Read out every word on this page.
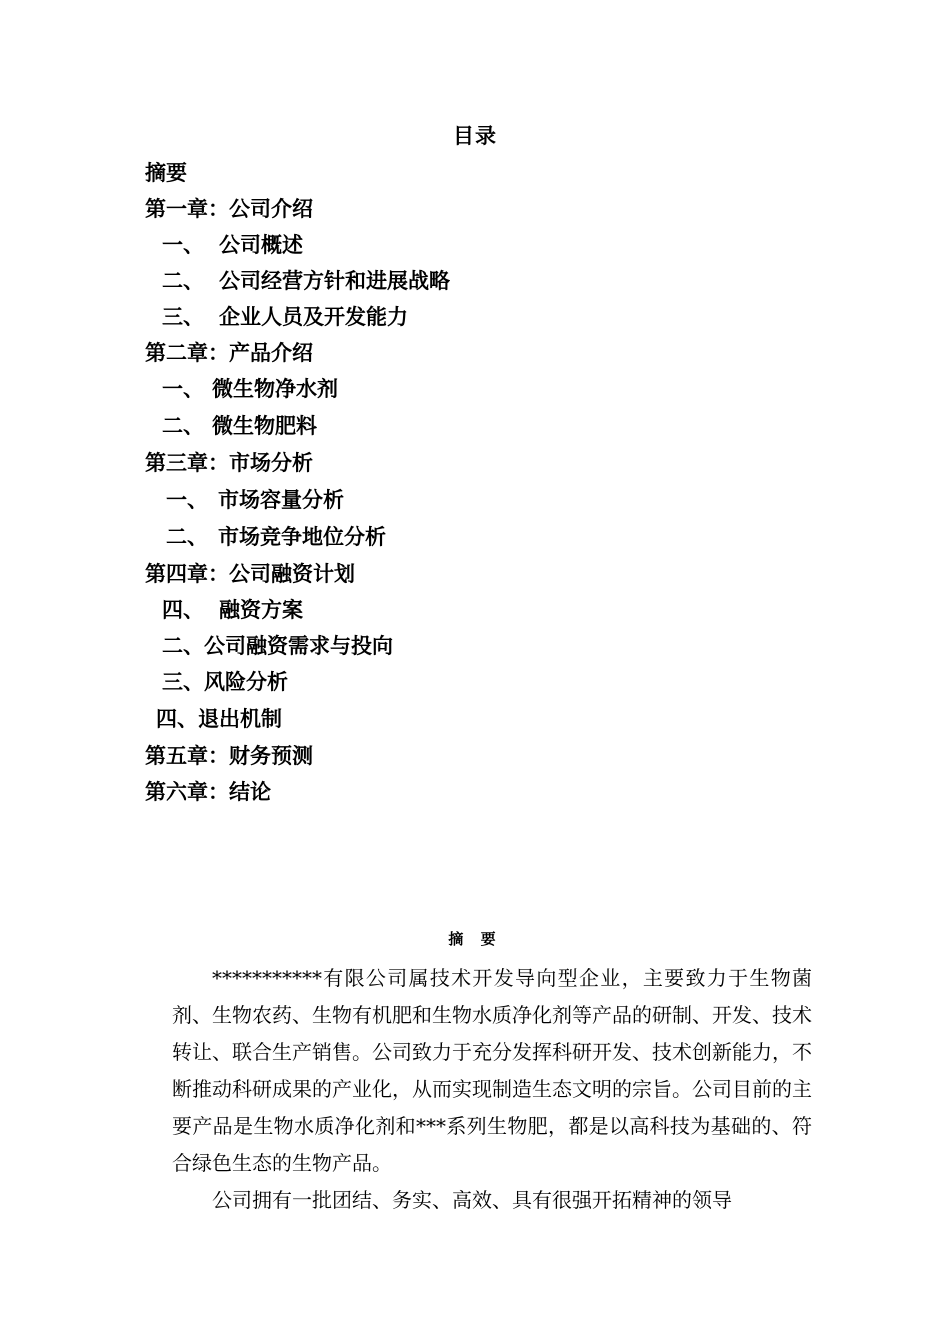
目录
摘要
第一章：公司介绍
一、 公司概述
二、 公司经营方针和进展战略
三、 企业人员及开发能力
第二章：产品介绍
一、 微生物净水剂
二、 微生物肥料
第三章：市场分析
一、 市场容量分析
二、 市场竞争地位分析
第四章：公司融资计划
四、 融资方案
二、公司融资需求与投向
三、风险分析
四、退出机制
第五章：财务预测
第六章：结论
摘 要

***********有限公司属技术开发导向型企业，主要致力于生物菌剂、生物农药、生物有机肥和生物水质净化剂等产品的研制、开发、技术转让、联合生产销售。公司致力于充分发挥科研开发、技术创新能力，不断推动科研成果的产业化，从而实现制造生态文明的宗旨。公司目前的主要产品是生物水质净化剂和***系列生物肥，都是以高科技为基础的、符合绿色生态的生物产品。

公司拥有一批团结、务实、高效、具有很强开拓精神的领导
